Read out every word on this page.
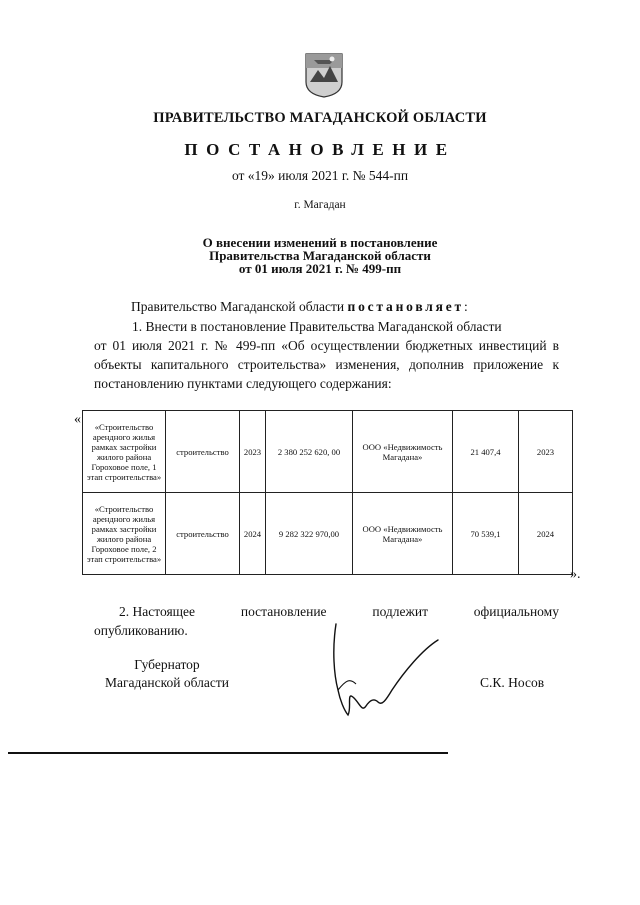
ПРАВИТЕЛЬСТВО МАГАДАНСКОЙ ОБЛАСТИ
ПОСТАНОВЛЕНИЕ
от «19» июля 2021 г. № 544-пп
г. Магадан
О внесении изменений в постановление
Правительства Магаданской области
от 01 июля 2021 г. № 499-пп
Правительство Магаданской области постановляет:
1. Внести в постановление Правительства Магаданской области
от 01 июля 2021 г. № 499-пп «Об осуществлении бюджетных инвестиций в объекты капитального строительства» изменения, дополнив приложение к постановлению пунктами следующего содержания:
« «Строительство арендного жилья рамках застройки жилого района Гороховое поле, 1 этап строительства»	строительство	2023	2 380 252 620, 00	ООО «Недвижимость Магадана»	21 407,4	2023
«Строительство арендного жилья рамках застройки жилого района Гороховое поле, 2 этап строительства»	строительство	2024	9 282 322 970,00	ООО «Недвижимость Магадана»	70 539,1	2024
».
2. Настоящее	постановление	подлежит	официальному
опубликованию.
Губернатор
Магаданской области	С.К. Носов
